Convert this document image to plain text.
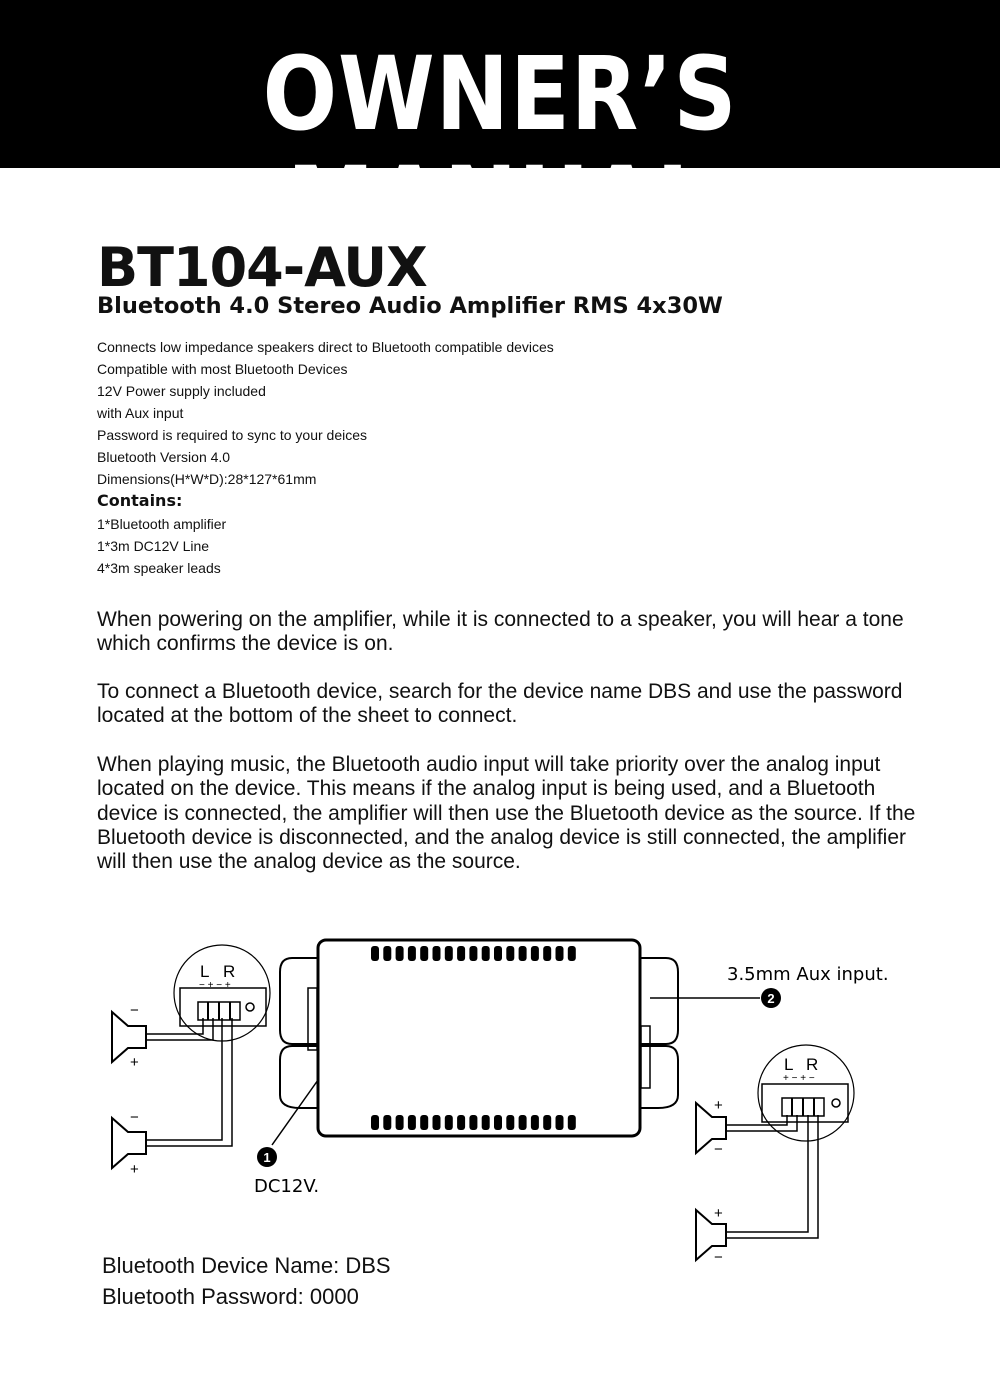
OWNER’S MANUAL
BT104-AUX
Bluetooth 4.0 Stereo Audio Amplifier RMS 4x30W
Connects low impedance speakers direct to Bluetooth compatible devices
Compatible with most Bluetooth Devices
12V Power supply included
with Aux input
Password is required to sync to your deices
Bluetooth Version 4.0
Dimensions(H*W*D):28*127*61mm
Contains:
1*Bluetooth amplifier
1*3m DC12V Line
4*3m speaker leads

When powering on the amplifier, while it is connected to a speaker, you will hear a tone which confirms the device is on.

To connect a Bluetooth device, search for the device name DBS and use the password located at the bottom of the sheet to connect.

When playing music, the Bluetooth audio input will take priority over the analog input located on the device. This means if the analog input is being used, and a Bluetooth device is connected, the amplifier will then use the Bluetooth device as the source. If the Bluetooth device is disconnected, and the analog device is still connected, the amplifier will then use the analog device as the source.

−
+
−
+
+
−
+
−
L R
− + − +
L R
+ − + −
1
DC12V.
2
3.5mm Aux input.
Bluetooth Device Name: DBS
Bluetooth Password: 0000
